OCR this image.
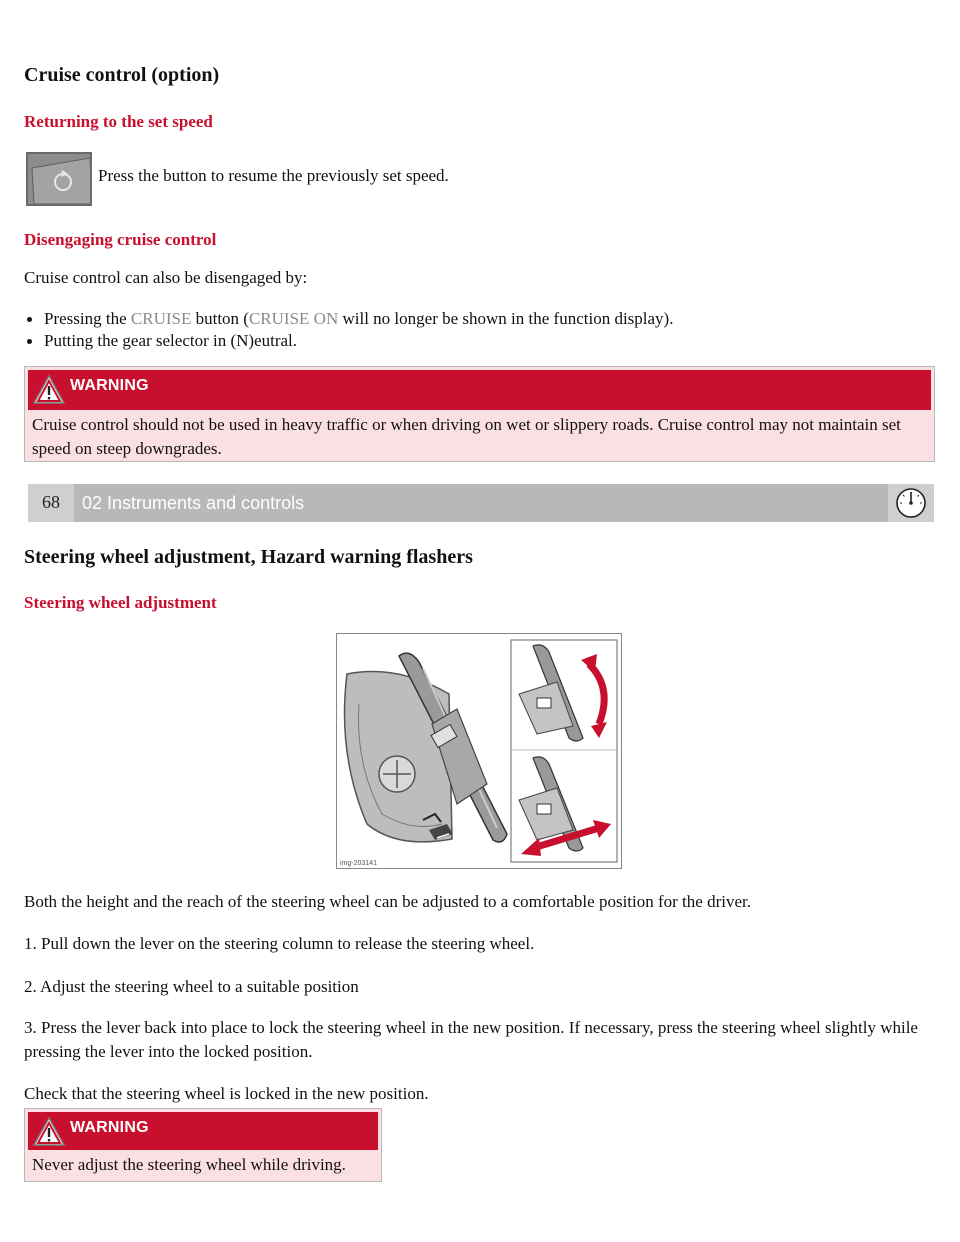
Cruise control (option)
Returning to the set speed

Press the button to resume the previously set speed.

Disengaging cruise control

Cruise control can also be disengaged by:

Pressing the CRUISE button (CRUISE ON will no longer be shown in the function display).
Putting the gear selector in (N)eutral.
WARNING
Cruise control should not be used in heavy traffic or when driving on wet or slippery roads. Cruise control may not maintain set speed on steep downgrades.
68	02 Instruments and controls
Steering wheel adjustment, Hazard warning flashers
Steering wheel adjustment
img-203141

Both the height and the reach of the steering wheel can be adjusted to a comfortable position for the driver.

1. Pull down the lever on the steering column to release the steering wheel.

2. Adjust the steering wheel to a suitable position

3. Press the lever back into place to lock the steering wheel in the new position. If necessary, press the steering wheel slightly while pressing the lever into the locked position.

Check that the steering wheel is locked in the new position.

WARNING
Never adjust the steering wheel while driving.
